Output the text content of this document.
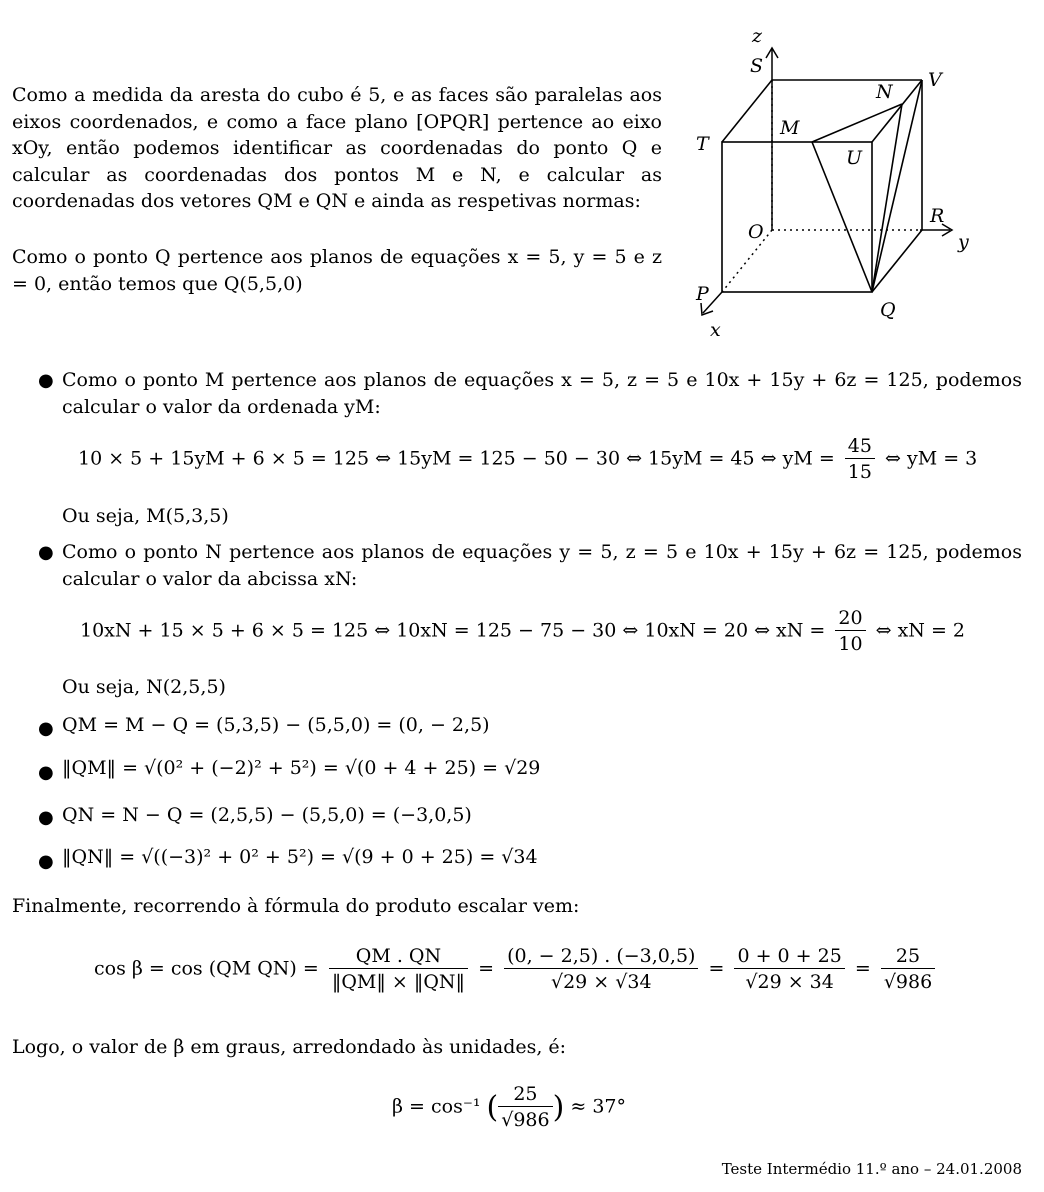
Como a medida da aresta do cubo é 5, e as faces são paralelas aos eixos coordenados, e como a face plano [OPQR] pertence ao eixo xOy, então podemos identificar as coordenadas do ponto Q e calcular as coordenadas dos pontos M e N, e calcular as coordenadas dos vetores QM e QN e ainda as respetivas normas:
Como o ponto Q pertence aos planos de equações x = 5, y = 5 e z = 0, então temos que Q(5,5,0)
z
S
V
N
M
T
U
O
R
y
P
Q
x
● Como o ponto M pertence aos planos de equações x = 5, z = 5 e 10x + 15y + 6z = 125, podemos calcular o valor da ordenada yM:
10 × 5 + 15yM + 6 × 5 = 125 ⇔ 15yM = 125 − 50 − 30 ⇔ 15yM = 45 ⇔ yM = $\frac{45}{15}$ ⇔ yM = 3
Ou seja, M(5,3,5)
● Como o ponto N pertence aos planos de equações y = 5, z = 5 e 10x + 15y + 6z = 125, podemos calcular o valor da abcissa xN:
10xN + 15 × 5 + 6 × 5 = 125 ⇔ 10xN = 125 − 75 − 30 ⇔ 10xN = 20 ⇔ xN = $\frac{20}{10}$ ⇔ xN = 2
Ou seja, N(2,5,5)
● QM = M − Q = (5,3,5) − (5,5,0) = (0, − 2,5)
● ‖QM‖ = √(0² + (−2)² + 5²) = √(0 + 4 + 25) = √29
● QN = N − Q = (2,5,5) − (5,5,0) = (−3,0,5)
● ‖QN‖ = √((−3)² + 0² + 5²) = √(9 + 0 + 25) = √34
Finalmente, recorrendo à fórmula do produto escalar vem:
cos β = cos (QM $QN) = \frac{QM . QN}{‖QM‖ \times ‖QN‖} = \frac{(0, - 2,5) . (-3,0,5)}{√29 \times √34} = \frac{0 + 0 + 25}{√29 \times 34} = \frac{25}{√986}$
Logo, o valor de β em graus, arredondado às unidades, é:
β = cos⁻¹ ( $\frac{25}{√986}$ ) ≈ 37°
Teste Intermédio 11.º ano – 24.01.2008
